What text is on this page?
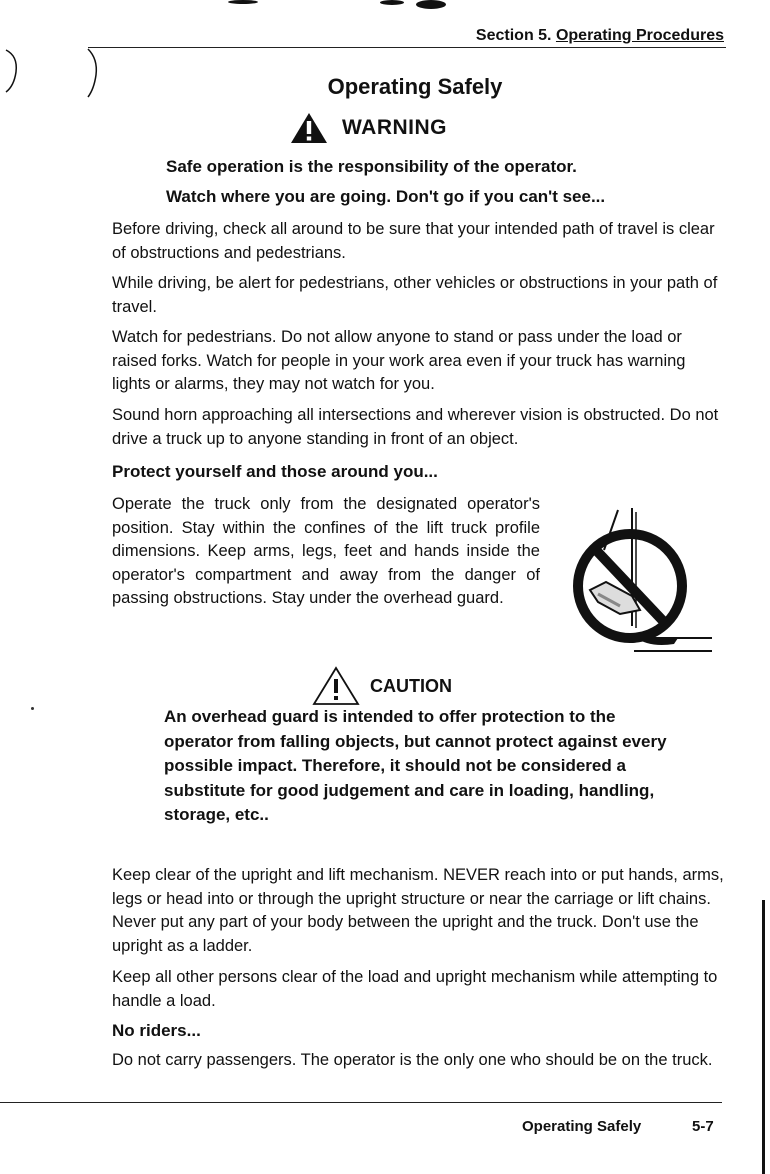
Section 5. Operating Procedures
Operating Safely
WARNING
Safe operation is the responsibility of the operator.
Watch where you are going. Don't go if you can't see...

Before driving, check all around to be sure that your intended path of travel is clear of obstructions and pedestrians.

While driving, be alert for pedestrians, other vehicles or obstructions in your path of travel.

Watch for pedestrians. Do not allow anyone to stand or pass under the load or raised forks. Watch for people in your work area even if your truck has warning lights or alarms, they may not watch for you.

Sound horn approaching all intersections and wherever vision is obstructed. Do not drive a truck up to anyone standing in front of an object.

Protect yourself and those around you...
Operate the truck only from the designated operator's position. Stay within the confines of the lift truck profile dimensions. Keep arms, legs, feet and hands inside the operator's compartment and away from the danger of passing obstructions. Stay under the overhead guard.
CAUTION
An overhead guard is intended to offer protection to the operator from falling objects, but cannot protect against every possible impact. Therefore, it should not be considered a substitute for good judgement and care in loading, handling, storage, etc..

Keep clear of the upright and lift mechanism. NEVER reach into or put hands, arms, legs or head into or through the upright structure or near the carriage or lift chains. Never put any part of your body between the upright and the truck. Don't use the upright as a ladder.

Keep all other persons clear of the load and upright mechanism while attempting to handle a load.

No riders...
Do not carry passengers. The operator is the only one who should be on the truck.
Operating Safely	5-7
